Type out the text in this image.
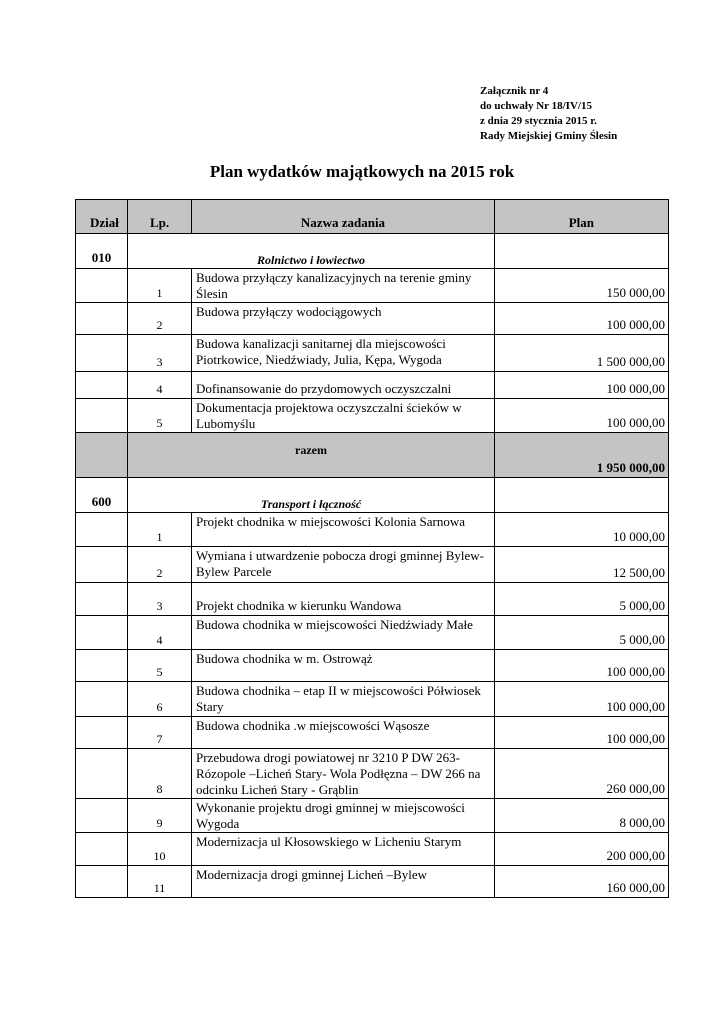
Załącznik nr 4
do uchwały Nr 18/IV/15
z dnia 29 stycznia 2015 r.
Rady Miejskiej Gminy Ślesin
Plan wydatków majątkowych na 2015 rok
Dział	Lp.	Nazwa zadania	Plan
010	Rolnictwo i łowiectwo		
	1	Budowa przyłączy kanalizacyjnych na terenie gminy Ślesin	150 000,00
	2	Budowa przyłączy wodociągowych	100 000,00
	3	Budowa kanalizacji sanitarnej dla miejscowości Piotrkowice, Niedźwiady, Julia, Kępa, Wygoda	1 500 000,00
	4	Dofinansowanie do przydomowych oczyszczalni	100 000,00
	5	Dokumentacja projektowa oczyszczalni ścieków w Lubomyślu	100 000,00
	razem		1 950 000,00
600	Transport i łączność		
	1	Projekt chodnika w miejscowości Kolonia Sarnowa	10 000,00
	2	Wymiana i utwardzenie pobocza drogi gminnej Bylew-Bylew Parcele	12 500,00
	3	Projekt chodnika w kierunku Wandowa	5 000,00
	4	Budowa chodnika w miejscowości Niedźwiady Małe	5 000,00
	5	Budowa chodnika w m. Ostrowąż	100 000,00
	6	Budowa chodnika – etap II w miejscowości Półwiosek Stary	100 000,00
	7	Budowa chodnika .w miejscowości Wąsosze	100 000,00
	8	Przebudowa drogi powiatowej nr 3210 P DW 263-Rózopole –Licheń Stary- Wola Podłęzna – DW 266 na odcinku Licheń Stary - Grąblin	260 000,00
	9	Wykonanie projektu drogi gminnej w miejscowości Wygoda	8 000,00
	10	Modernizacja ul Kłosowskiego w Licheniu Starym	200 000,00
	11	Modernizacja drogi gminnej Licheń –Bylew	160 000,00
